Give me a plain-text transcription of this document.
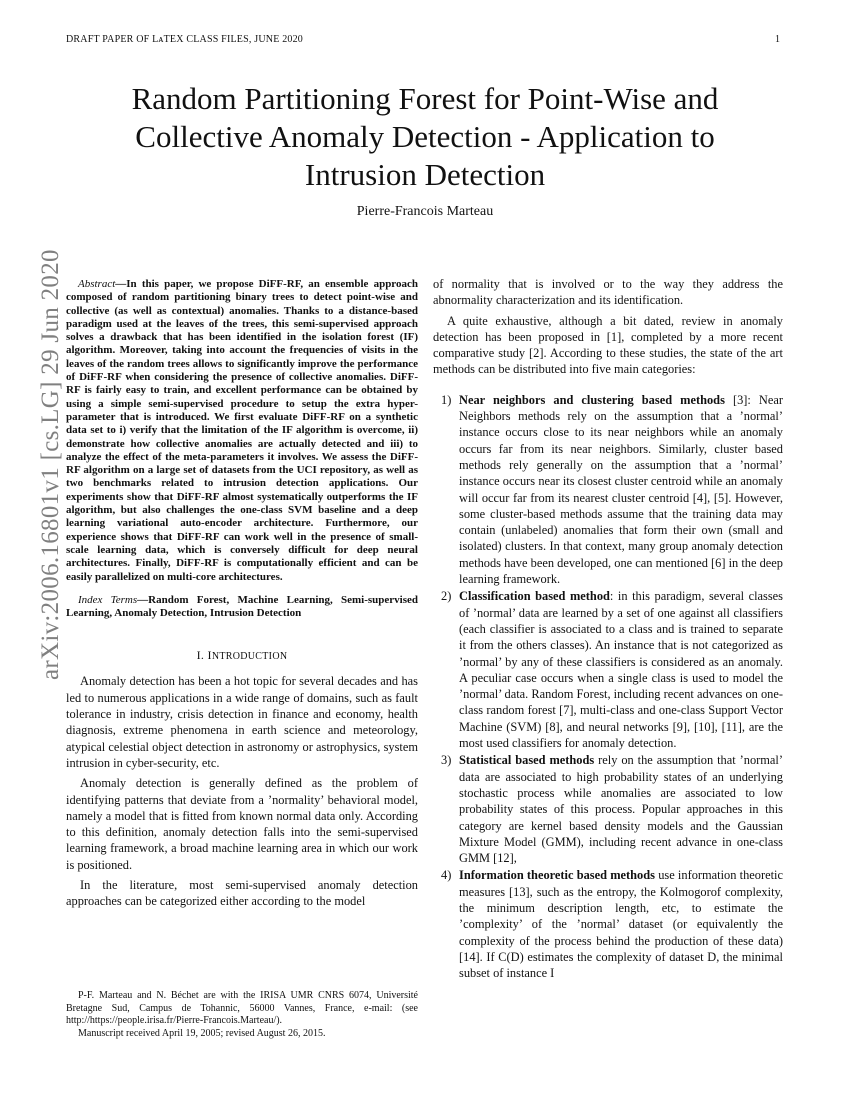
DRAFT PAPER OF LᴀTEX CLASS FILES, JUNE 2020	1
Random Partitioning Forest for Point-Wise and
Collective Anomaly Detection - Application to
Intrusion Detection
Pierre-Francois Marteau
arXiv:2006.16801v1 [cs.LG] 29 Jun 2020	Abstract—In this paper, we propose DiFF-RF, an ensemble approach composed of random partitioning binary trees to detect point-wise and collective (as well as contextual) anomalies. Thanks to a distance-based paradigm used at the leaves of the trees, this semi-supervised approach solves a drawback that has been identified in the isolation forest (IF) algorithm. Moreover, taking into account the frequencies of visits in the leaves of the random trees allows to significantly improve the performance of DiFF-RF when considering the presence of collective anomalies. DiFF-RF is fairly easy to train, and excellent performance can be obtained by using a simple semi-supervised procedure to setup the extra hyper-parameter that is introduced. We first evaluate DiFF-RF on a synthetic data set to i) verify that the limitation of the IF algorithm is overcome, ii) demonstrate how collective anomalies are actually detected and iii) to analyze the effect of the meta-parameters it involves. We assess the DiFF-RF algorithm on a large set of datasets from the UCI repository, as well as two benchmarks related to intrusion detection applications. Our experiments show that DiFF-RF almost systematically outperforms the IF algorithm, but also challenges the one-class SVM baseline and a deep learning variational auto-encoder architecture. Furthermore, our experience shows that DiFF-RF can work well in the presence of small-scale learning data, which is conversely difficult for deep neural architectures. Finally, DiFF-RF is computationally efficient and can be easily parallelized on multi-core architectures.

Index Terms—Random Forest, Machine Learning, Semi-supervised Learning, Anomaly Detection, Intrusion Detection

I. INTRODUCTION

Anomaly detection has been a hot topic for several decades and has led to numerous applications in a wide range of domains, such as fault tolerance in industry, crisis detection in finance and economy, health diagnosis, extreme phenomena in earth science and meteorology, atypical celestial object detection in astronomy or astrophysics, system intrusion in cyber-security, etc.

Anomaly detection is generally defined as the problem of identifying patterns that deviate from a ’normality’ behavioral model, namely a model that is fitted from known normal data only. According to this definition, anomaly detection falls into the semi-supervised learning framework, a broad machine learning area in which our work is positioned.

In the literature, most semi-supervised anomaly detection approaches can be categorized either according to the model

P-F. Marteau and N. Béchet are with the IRISA UMR CNRS 6074, Université Bretagne Sud, Campus de Tohannic, 56000 Vannes, France, e-mail: (see http://https://people.irisa.fr/Pierre-Francois.Marteau/).

Manuscript received April 19, 2005; revised August 26, 2015.

of normality that is involved or to the way they address the abnormality characterization and its identification.

A quite exhaustive, although a bit dated, review in anomaly detection has been proposed in [1], completed by a more recent comparative study [2]. According to these studies, the state of the art methods can be distributed into five main categories:

1) Near neighbors and clustering based methods [3]: Near Neighbors methods rely on the assumption that a ’normal’ instance occurs close to its near neighbors while an anomaly occurs far from its near neighbors. Similarly, cluster based methods rely generally on the assumption that a ’normal’ instance occurs near its closest cluster centroid while an anomaly will occur far from its nearest cluster centroid [4], [5]. However, some cluster-based methods assume that the training data may contain (unlabeled) anomalies that form their own (small and isolated) clusters. In that context, many group anomaly detection methods have been developed, one can mentioned [6] in the deep learning framework.
2) Classification based method: in this paradigm, several classes of ’normal’ data are learned by a set of one against all classifiers (each classifier is associated to a class and is trained to separate it from the others classes). An instance that is not categorized as ’normal’ by any of these classifiers is considered as an anomaly. A peculiar case occurs when a single class is used to model the ’normal’ data. Random Forest, including recent advances on one-class random forest [7], multi-class and one-class Support Vector Machine (SVM) [8], and neural networks [9], [10], [11], are the most used classifiers for anomaly detection.
3) Statistical based methods rely on the assumption that ’normal’ data are associated to high probability states of an underlying stochastic process while anomalies are associated to low probability states of this process. Popular approaches in this category are kernel based density models and the Gaussian Mixture Model (GMM), including recent advance in one-class GMM [12],
4) Information theoretic based methods use information theoretic measures [13], such as the entropy, the Kolmogorof complexity, the minimum description length, etc, to estimate the ’complexity’ of the ’normal’ dataset (or equivalently the complexity of the process behind the production of these data) [14]. If C(D) estimates the complexity of dataset D, the minimal subset of instance I
